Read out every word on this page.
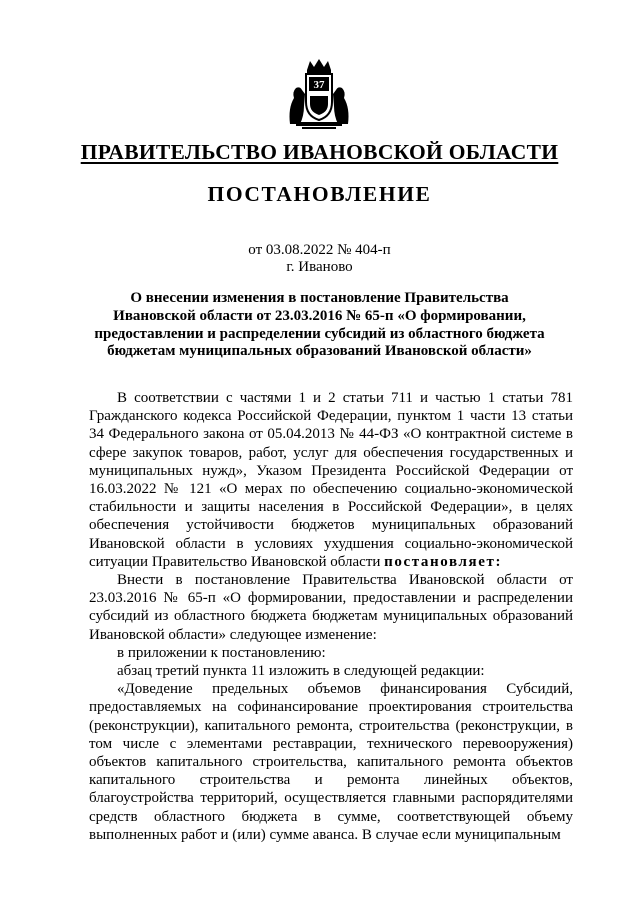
37
ПРАВИТЕЛЬСТВО ИВАНОВСКОЙ ОБЛАСТИ
ПОСТАНОВЛЕНИЕ
от 03.08.2022 № 404-п
г. Иваново
О внесении изменения в постановление Правительства
Ивановской области от 23.03.2016 № 65-п «О формировании,
предоставлении и распределении субсидий из областного бюджета
бюджетам муниципальных образований Ивановской области»

В соответствии с частями 1 и 2 статьи 711 и частью 1 статьи 781 Гражданского кодекса Российской Федерации, пунктом 1 части 13 статьи 34 Федерального закона от 05.04.2013 № 44-ФЗ «О контрактной системе в сфере закупок товаров, работ, услуг для обеспечения государственных и муниципальных нужд», Указом Президента Российской Федерации от 16.03.2022 № 121 «О мерах по обеспечению социально-экономической стабильности и защиты населения в Российской Федерации», в целях обеспечения устойчивости бюджетов муниципальных образований Ивановской области в условиях ухудшения социально-экономической ситуации Правительство Ивановской области постановляет:

Внести в постановление Правительства Ивановской области от 23.03.2016 № 65-п «О формировании, предоставлении и распределении субсидий из областного бюджета бюджетам муниципальных образований Ивановской области» следующее изменение:

в приложении к постановлению:

абзац третий пункта 11 изложить в следующей редакции:

«Доведение предельных объемов финансирования Субсидий, предоставляемых на софинансирование проектирования строительства (реконструкции), капитального ремонта, строительства (реконструкции, в том числе с элементами реставрации, технического перевооружения) объектов капитального строительства, капитального ремонта объектов капитального строительства и ремонта линейных объектов, благоустройства территорий, осуществляется главными распорядителями средств областного бюджета в сумме, соответствующей объему выполненных работ и (или) сумме аванса. В случае если муниципальным
